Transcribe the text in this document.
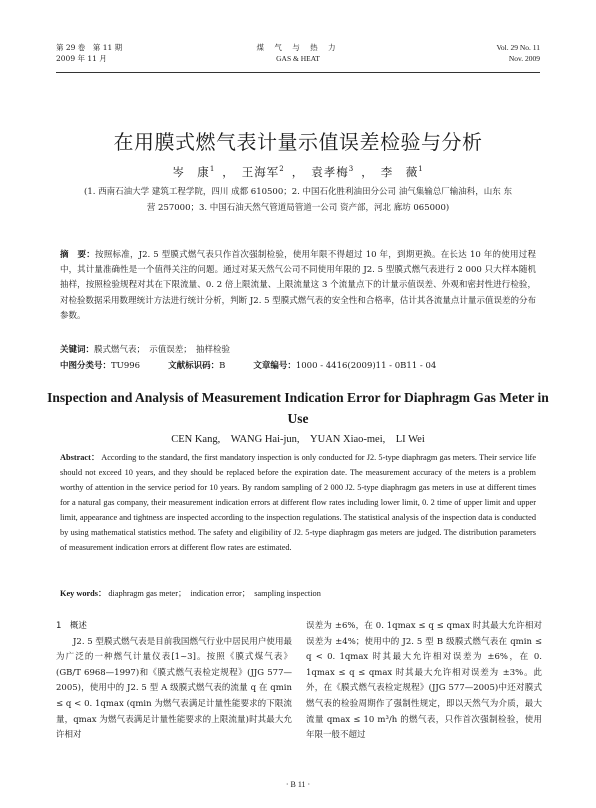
第 29 卷　第 11 期
2009 年 11 月
煤 气 与 热 力
GAS & HEAT
Vol. 29 No. 11
Nov. 2009
在用膜式燃气表计量示值误差检验与分析
岑　康$^1$ ， 王海军$^2$ ， 袁孝梅$^3$ ， 李　薇$^1$
(1. 西南石油大学 建筑工程学院，四川 成都 610500；2. 中国石化胜利油田分公司 油气集输总厂输油科，山东 东营 257000；3. 中国石油天然气管道局管道一公司 资产部，河北 廊坊 065000)
摘　要：按照标准，J2. 5 型膜式燃气表只作首次强制检验，使用年限不得超过 10 年，到期更换。在长达 10 年的使用过程中，其计量准确性是一个值得关注的问题。通过对某天然气公司不同使用年限的 J2. 5 型膜式燃气表进行 2 000 只大样本随机抽样，按照检验规程对其在下限流量、0. 2 倍上限流量、上限流量这 3 个流量点下的计量示值误差、外观和密封性进行检验，对检验数据采用数理统计方法进行统计分析，判断 J2. 5 型膜式燃气表的安全性和合格率，估计其各流量点计量示值误差的分布参数。
关键词：膜式燃气表；　示值误差；　抽样检验
中图分类号：TU996	文献标识码：B	文章编号：1000 - 4416(2009)11 - 0B11 - 04
Inspection and Analysis of Measurement Indication Error for Diaphragm Gas Meter in Use
CEN Kang,　WANG Hai-jun,　YUAN Xiao-mei,　LI Wei
Abstract： According to the standard, the first mandatory inspection is only conducted for J2. 5-type diaphragm gas meters. Their service life should not exceed 10 years, and they should be replaced before the expiration date. The measurement accuracy of the meters is a problem worthy of attention in the service period for 10 years. By random sampling of 2 000 J2. 5-type diaphragm gas meters in use at different times for a natural gas company, their measurement indication errors at different flow rates including lower limit, 0. 2 time of upper limit and upper limit, appearance and tightness are inspected according to the inspection regulations. The statistical analysis of the inspection data is conducted by using mathematical statistics method. The safety and eligibility of J2. 5-type diaphragm gas meters are judged. The distribution parameters of measurement indication errors at different flow rates are estimated.
Key words： diaphragm gas meter；　indication error；　sampling inspection
1　概述
J2. 5 型膜式燃气表是目前我国燃气行业中居民用户使用最为广泛的一种燃气计量仪表[1~3]。按照《膜式煤气表》(GB/T 6968—1997)和《膜式燃气表检定规程》(JJG 577—2005)，使用中的 J2. 5 型 A 级膜式燃气表的流量 q 在 qmin ≤ q < 0. 1qmax (qmin 为燃气表满足计量性能要求的下限流量，qmax 为燃气表满足计量性能要求的上限流量)时其最大允许相对
误差为 ±6%，在 0. 1qmax ≤ q ≤ qmax 时其最大允许相对误差为 ±4%；使用中的 J2. 5 型 B 级膜式燃气表在 qmin ≤ q < 0. 1qmax 时其最大允许相对误差为 ±6%，在 0. 1qmax ≤ q ≤ qmax 时其最大允许相对误差为 ±3%。此外，在《膜式燃气表检定规程》(JJG 577—2005)中还对膜式燃气表的检验周期作了强制性规定，即以天然气为介质，最大流量 qmax ≤ 10 m³/h 的燃气表，只作首次强制检验，使用年限一般不超过
· B 11 ·
